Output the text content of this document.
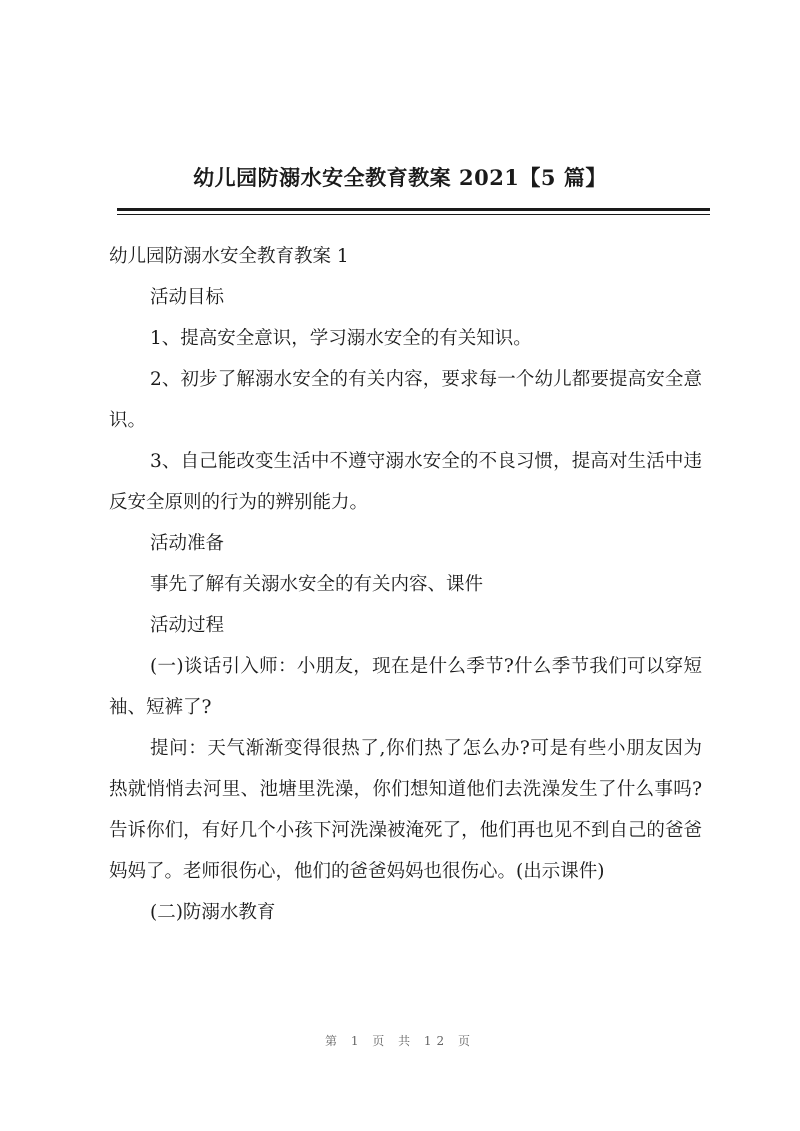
幼儿园防溺水安全教育教案 2021【5 篇】

幼儿园防溺水安全教育教案 1

活动目标

1、提高安全意识，学习溺水安全的有关知识。

2、初步了解溺水安全的有关内容，要求每一个幼儿都要提高安全意识。

3、自己能改变生活中不遵守溺水安全的不良习惯，提高对生活中违反安全原则的行为的辨别能力。

活动准备

事先了解有关溺水安全的有关内容、课件

活动过程

(一)谈话引入师：小朋友，现在是什么季节?什么季节我们可以穿短袖、短裤了?

提问：天气渐渐变得很热了,你们热了怎么办?可是有些小朋友因为热就悄悄去河里、池塘里洗澡，你们想知道他们去洗澡发生了什么事吗?告诉你们，有好几个小孩下河洗澡被淹死了，他们再也见不到自己的爸爸妈妈了。老师很伤心，他们的爸爸妈妈也很伤心。(出示课件)

(二)防溺水教育

第 1 页 共 12 页
